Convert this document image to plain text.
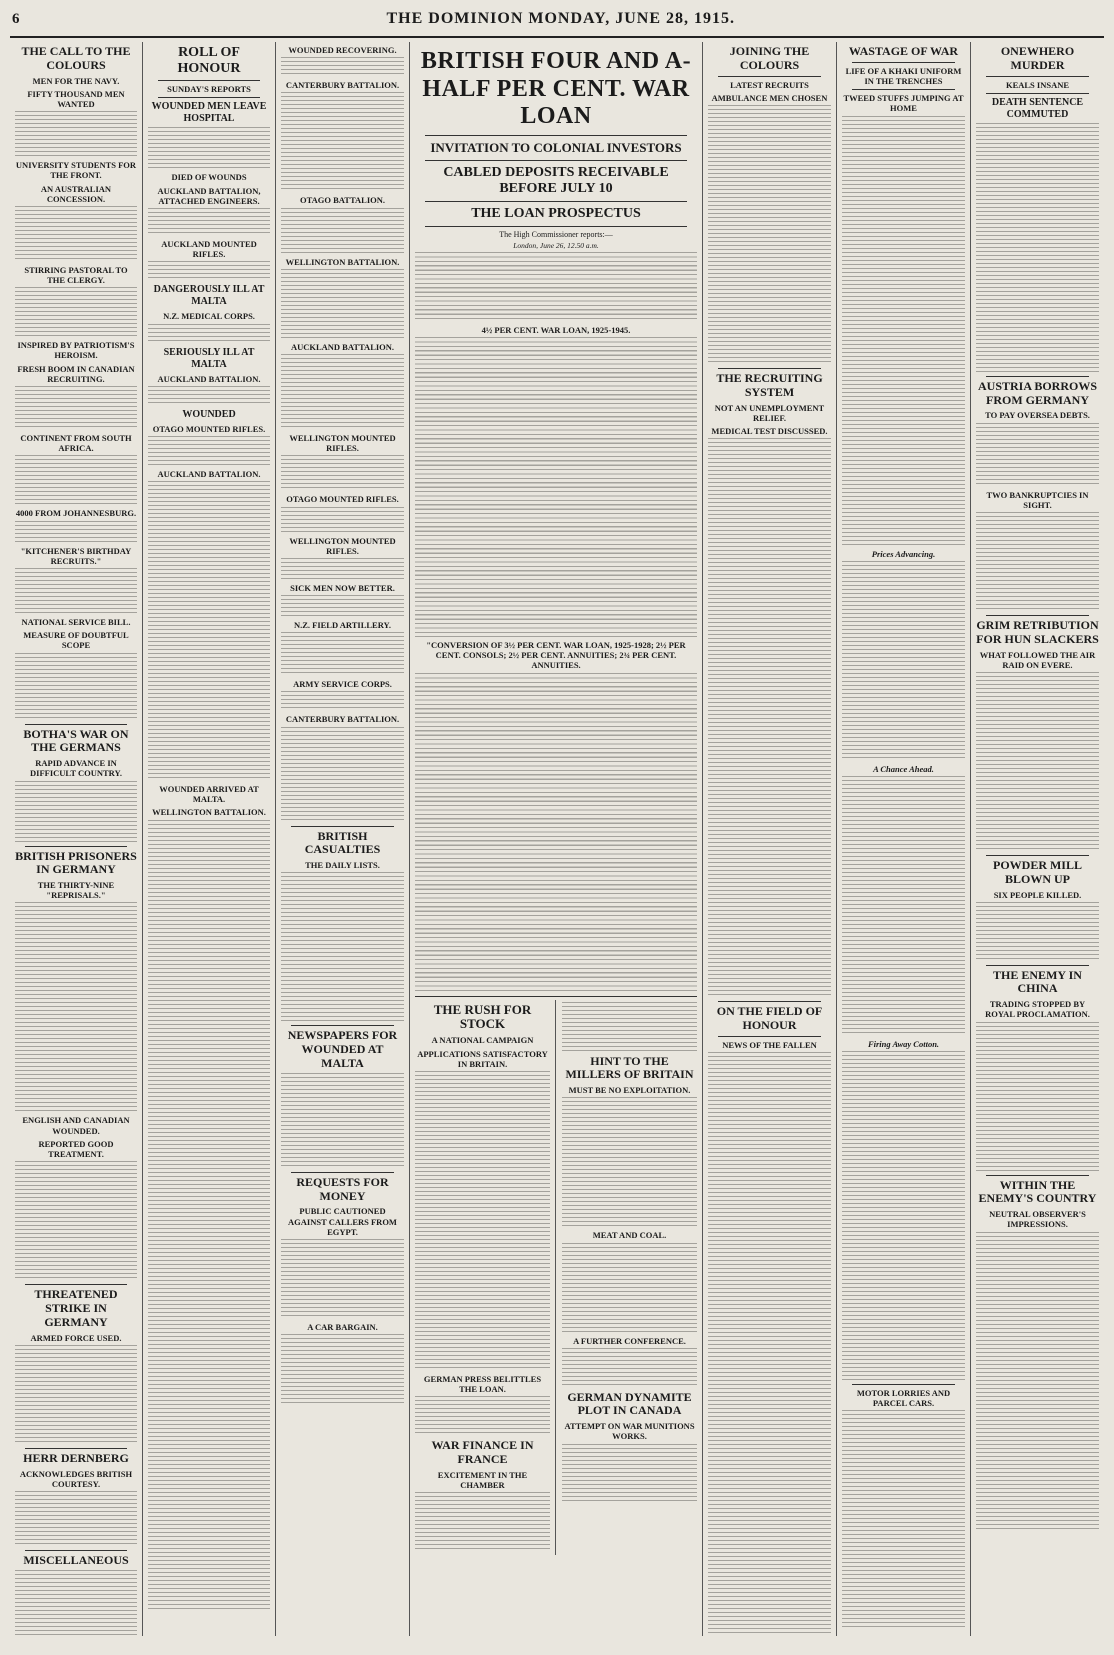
6	THE DOMINION MONDAY, JUNE 28, 1915.
THE CALL TO THE COLOURS
MEN FOR THE NAVY.
FIFTY THOUSAND MEN WANTED
UNIVERSITY STUDENTS FOR THE FRONT.
AN AUSTRALIAN CONCESSION.
STIRRING PASTORAL TO THE CLERGY.
INSPIRED BY PATRIOTISM'S HEROISM.
FRESH BOOM IN CANADIAN RECRUITING.
CONTINENT FROM SOUTH AFRICA.
4000 FROM JOHANNESBURG.
"KITCHENER'S BIRTHDAY RECRUITS."
NATIONAL SERVICE BILL.
MEASURE OF DOUBTFUL SCOPE
BOTHA'S WAR ON THE GERMANS
RAPID ADVANCE IN DIFFICULT COUNTRY.
BRITISH PRISONERS IN GERMANY
THE THIRTY-NINE "REPRISALS."
ENGLISH AND CANADIAN WOUNDED.
REPORTED GOOD TREATMENT.
THREATENED STRIKE IN GERMANY
ARMED FORCE USED.
HERR DERNBERG
ACKNOWLEDGES BRITISH COURTESY.
MISCELLANEOUS
ROLL OF HONOUR
SUNDAY'S REPORTS
WOUNDED MEN LEAVE HOSPITAL
DIED OF WOUNDS
AUCKLAND BATTALION, ATTACHED ENGINEERS.
AUCKLAND MOUNTED RIFLES.
DANGEROUSLY ILL AT MALTA
N.Z. MEDICAL CORPS.
SERIOUSLY ILL AT MALTA
AUCKLAND BATTALION.
WOUNDED
OTAGO MOUNTED RIFLES.
AUCKLAND BATTALION.
WOUNDED ARRIVED AT MALTA.
WELLINGTON BATTALION.
WOUNDED RECOVERING.
CANTERBURY BATTALION.
OTAGO BATTALION.
WELLINGTON BATTALION.
AUCKLAND BATTALION.
WELLINGTON MOUNTED RIFLES.
OTAGO MOUNTED RIFLES.
WELLINGTON MOUNTED RIFLES.
SICK MEN NOW BETTER.
N.Z. FIELD ARTILLERY.
ARMY SERVICE CORPS.
CANTERBURY BATTALION.
BRITISH CASUALTIES
THE DAILY LISTS.
NEWSPAPERS FOR WOUNDED AT MALTA
REQUESTS FOR MONEY
PUBLIC CAUTIONED AGAINST CALLERS FROM EGYPT.
A CAR BARGAIN.
BRITISH FOUR AND A-HALF PER CENT. WAR LOAN
INVITATION TO COLONIAL INVESTORS
CABLED DEPOSITS RECEIVABLE BEFORE JULY 10
THE LOAN PROSPECTUS
The High Commissioner reports:—
London, June 26, 12.50 a.m.
4½ PER CENT. WAR LOAN, 1925-1945.
"CONVERSION OF 3½ PER CENT. WAR LOAN, 1925-1928; 2½ PER CENT. CONSOLS; 2½ PER CENT. ANNUITIES; 2¾ PER CENT. ANNUITIES.
THE RUSH FOR STOCK
A NATIONAL CAMPAIGN
APPLICATIONS SATISFACTORY IN BRITAIN.
GERMAN PRESS BELITTLES THE LOAN.
WAR FINANCE IN FRANCE
EXCITEMENT IN THE CHAMBER
HINT TO THE MILLERS OF BRITAIN
MUST BE NO EXPLOITATION.
MEAT AND COAL.
A FURTHER CONFERENCE.
GERMAN DYNAMITE PLOT IN CANADA
ATTEMPT ON WAR MUNITIONS WORKS.
JOINING THE COLOURS
LATEST RECRUITS
AMBULANCE MEN CHOSEN
THE RECRUITING SYSTEM
NOT AN UNEMPLOYMENT RELIEF.
MEDICAL TEST DISCUSSED.
ON THE FIELD OF HONOUR
NEWS OF THE FALLEN
WASTAGE OF WAR
LIFE OF A KHAKI UNIFORM IN THE TRENCHES
TWEED STUFFS JUMPING AT HOME
Prices Advancing.
A Chance Ahead.
Firing Away Cotton.
MOTOR LORRIES AND PARCEL CARS.
ONEWHERO MURDER
KEALS INSANE
DEATH SENTENCE COMMUTED
AUSTRIA BORROWS FROM GERMANY
TO PAY OVERSEA DEBTS.
TWO BANKRUPTCIES IN SIGHT.
GRIM RETRIBUTION FOR HUN SLACKERS
WHAT FOLLOWED THE AIR RAID ON EVERE.
POWDER MILL BLOWN UP
SIX PEOPLE KILLED.
THE ENEMY IN CHINA
TRADING STOPPED BY ROYAL PROCLAMATION.
WITHIN THE ENEMY'S COUNTRY
NEUTRAL OBSERVER'S IMPRESSIONS.
